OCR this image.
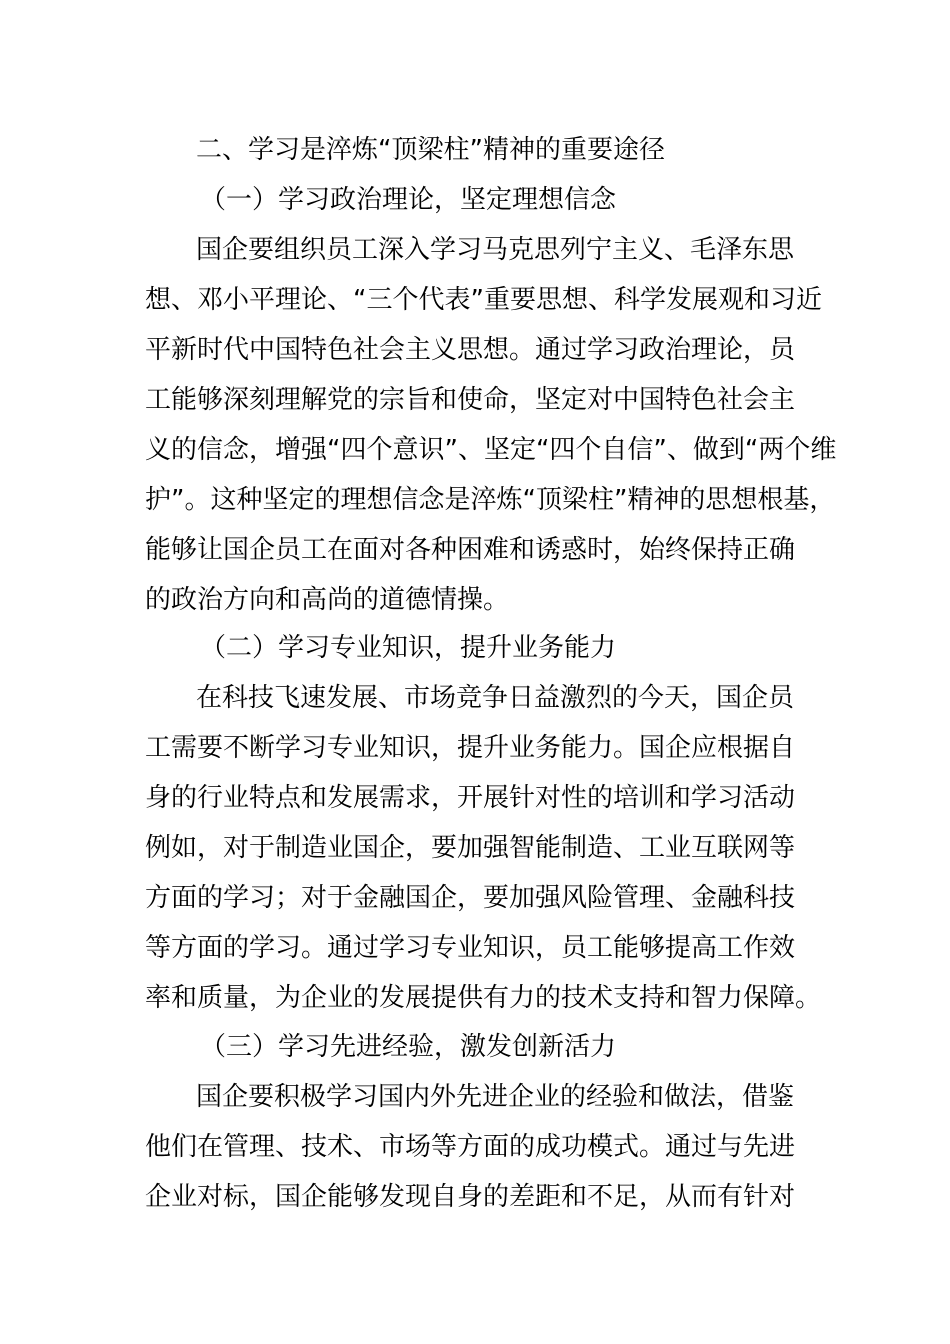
二、学习是淬炼“顶梁柱”精神的重要途径
（一）学习政治理论，坚定理想信念
国企要组织员工深入学习马克思列宁主义、毛泽东思
想、邓小平理论、“三个代表”重要思想、科学发展观和习近
平新时代中国特色社会主义思想。通过学习政治理论，员
工能够深刻理解党的宗旨和使命，坚定对中国特色社会主
义的信念，增强“四个意识”、坚定“四个自信”、做到“两个维
护”。这种坚定的理想信念是淬炼“顶梁柱”精神的思想根基，
能够让国企员工在面对各种困难和诱惑时，始终保持正确
的政治方向和高尚的道德情操。
（二）学习专业知识，提升业务能力
在科技飞速发展、市场竞争日益激烈的今天，国企员
工需要不断学习专业知识，提升业务能力。国企应根据自
身的行业特点和发展需求，开展针对性的培训和学习活动
例如，对于制造业国企，要加强智能制造、工业互联网等
方面的学习；对于金融国企，要加强风险管理、金融科技
等方面的学习。通过学习专业知识，员工能够提高工作效
率和质量，为企业的发展提供有力的技术支持和智力保障。
（三）学习先进经验，激发创新活力
国企要积极学习国内外先进企业的经验和做法，借鉴
他们在管理、技术、市场等方面的成功模式。通过与先进
企业对标，国企能够发现自身的差距和不足，从而有针对
